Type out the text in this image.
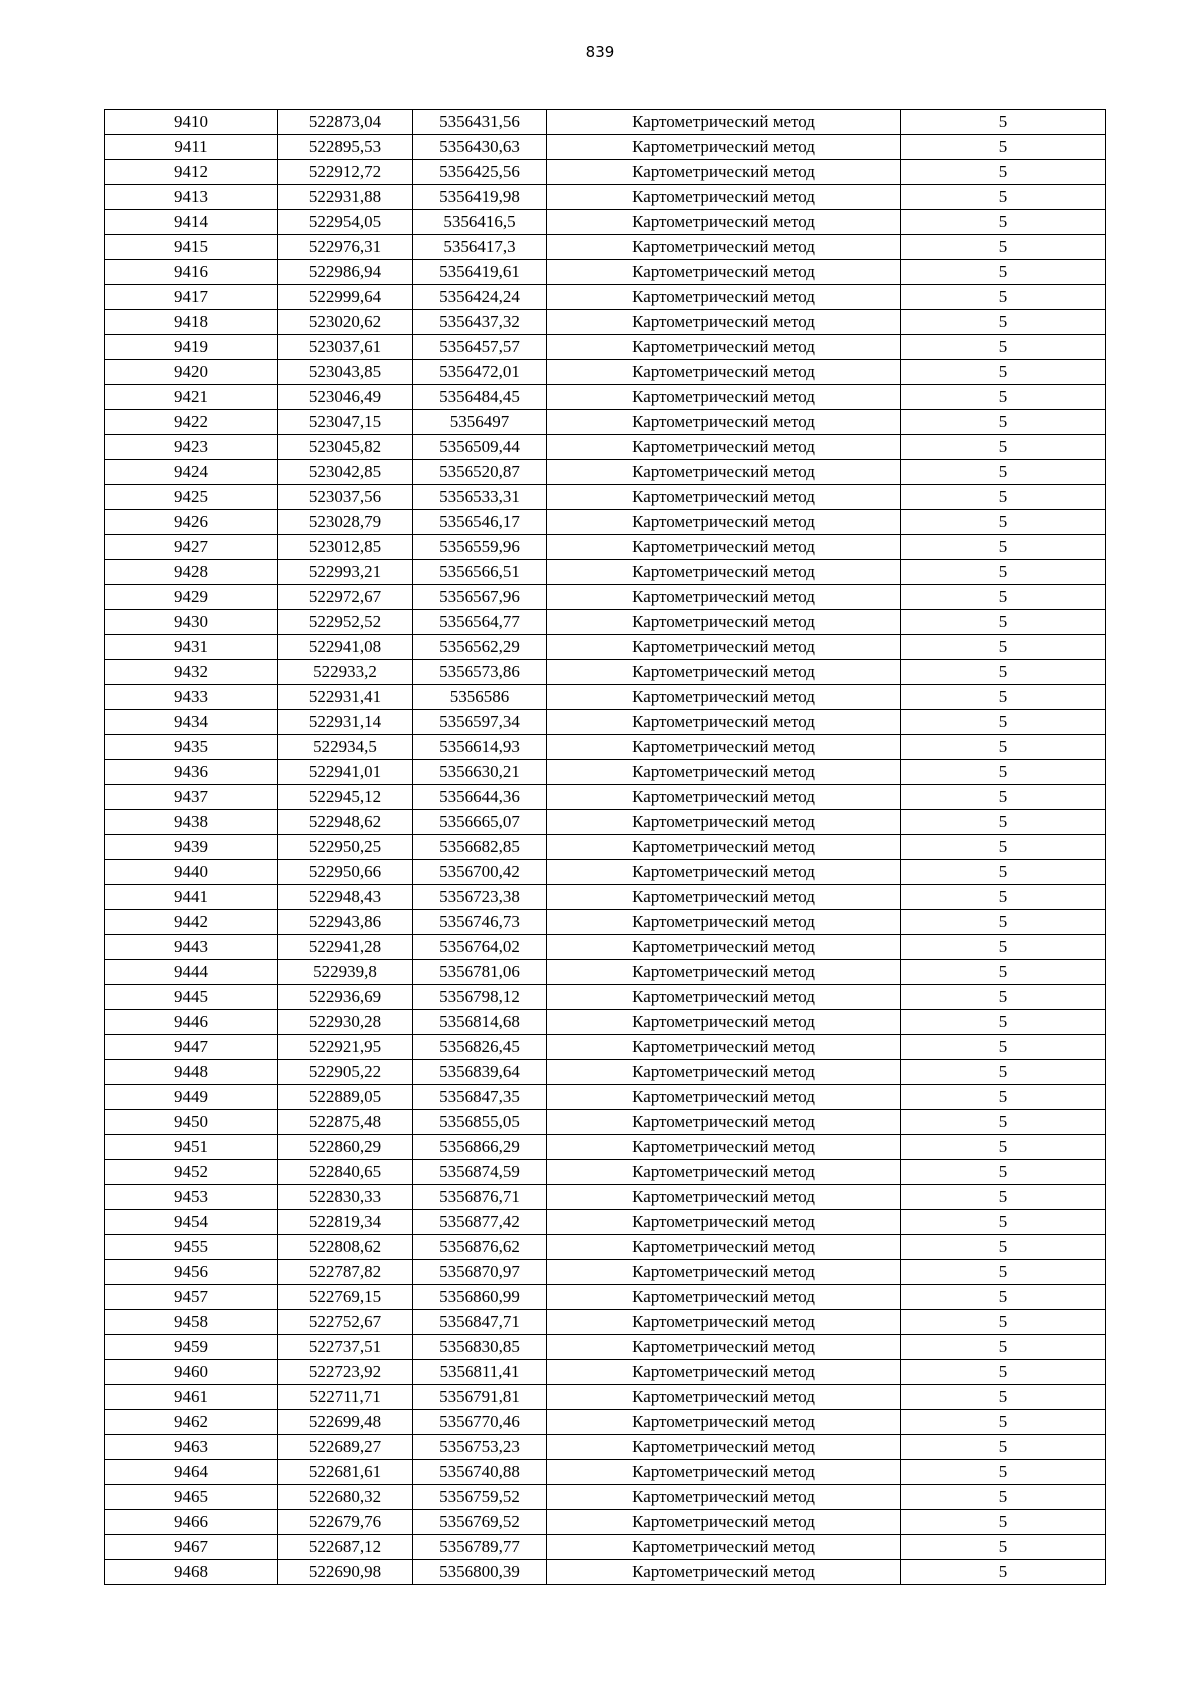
839
9410	522873,04	5356431,56	Картометрический метод	5
9411	522895,53	5356430,63	Картометрический метод	5
9412	522912,72	5356425,56	Картометрический метод	5
9413	522931,88	5356419,98	Картометрический метод	5
9414	522954,05	5356416,5	Картометрический метод	5
9415	522976,31	5356417,3	Картометрический метод	5
9416	522986,94	5356419,61	Картометрический метод	5
9417	522999,64	5356424,24	Картометрический метод	5
9418	523020,62	5356437,32	Картометрический метод	5
9419	523037,61	5356457,57	Картометрический метод	5
9420	523043,85	5356472,01	Картометрический метод	5
9421	523046,49	5356484,45	Картометрический метод	5
9422	523047,15	5356497	Картометрический метод	5
9423	523045,82	5356509,44	Картометрический метод	5
9424	523042,85	5356520,87	Картометрический метод	5
9425	523037,56	5356533,31	Картометрический метод	5
9426	523028,79	5356546,17	Картометрический метод	5
9427	523012,85	5356559,96	Картометрический метод	5
9428	522993,21	5356566,51	Картометрический метод	5
9429	522972,67	5356567,96	Картометрический метод	5
9430	522952,52	5356564,77	Картометрический метод	5
9431	522941,08	5356562,29	Картометрический метод	5
9432	522933,2	5356573,86	Картометрический метод	5
9433	522931,41	5356586	Картометрический метод	5
9434	522931,14	5356597,34	Картометрический метод	5
9435	522934,5	5356614,93	Картометрический метод	5
9436	522941,01	5356630,21	Картометрический метод	5
9437	522945,12	5356644,36	Картометрический метод	5
9438	522948,62	5356665,07	Картометрический метод	5
9439	522950,25	5356682,85	Картометрический метод	5
9440	522950,66	5356700,42	Картометрический метод	5
9441	522948,43	5356723,38	Картометрический метод	5
9442	522943,86	5356746,73	Картометрический метод	5
9443	522941,28	5356764,02	Картометрический метод	5
9444	522939,8	5356781,06	Картометрический метод	5
9445	522936,69	5356798,12	Картометрический метод	5
9446	522930,28	5356814,68	Картометрический метод	5
9447	522921,95	5356826,45	Картометрический метод	5
9448	522905,22	5356839,64	Картометрический метод	5
9449	522889,05	5356847,35	Картометрический метод	5
9450	522875,48	5356855,05	Картометрический метод	5
9451	522860,29	5356866,29	Картометрический метод	5
9452	522840,65	5356874,59	Картометрический метод	5
9453	522830,33	5356876,71	Картометрический метод	5
9454	522819,34	5356877,42	Картометрический метод	5
9455	522808,62	5356876,62	Картометрический метод	5
9456	522787,82	5356870,97	Картометрический метод	5
9457	522769,15	5356860,99	Картометрический метод	5
9458	522752,67	5356847,71	Картометрический метод	5
9459	522737,51	5356830,85	Картометрический метод	5
9460	522723,92	5356811,41	Картометрический метод	5
9461	522711,71	5356791,81	Картометрический метод	5
9462	522699,48	5356770,46	Картометрический метод	5
9463	522689,27	5356753,23	Картометрический метод	5
9464	522681,61	5356740,88	Картометрический метод	5
9465	522680,32	5356759,52	Картометрический метод	5
9466	522679,76	5356769,52	Картометрический метод	5
9467	522687,12	5356789,77	Картометрический метод	5
9468	522690,98	5356800,39	Картометрический метод	5
